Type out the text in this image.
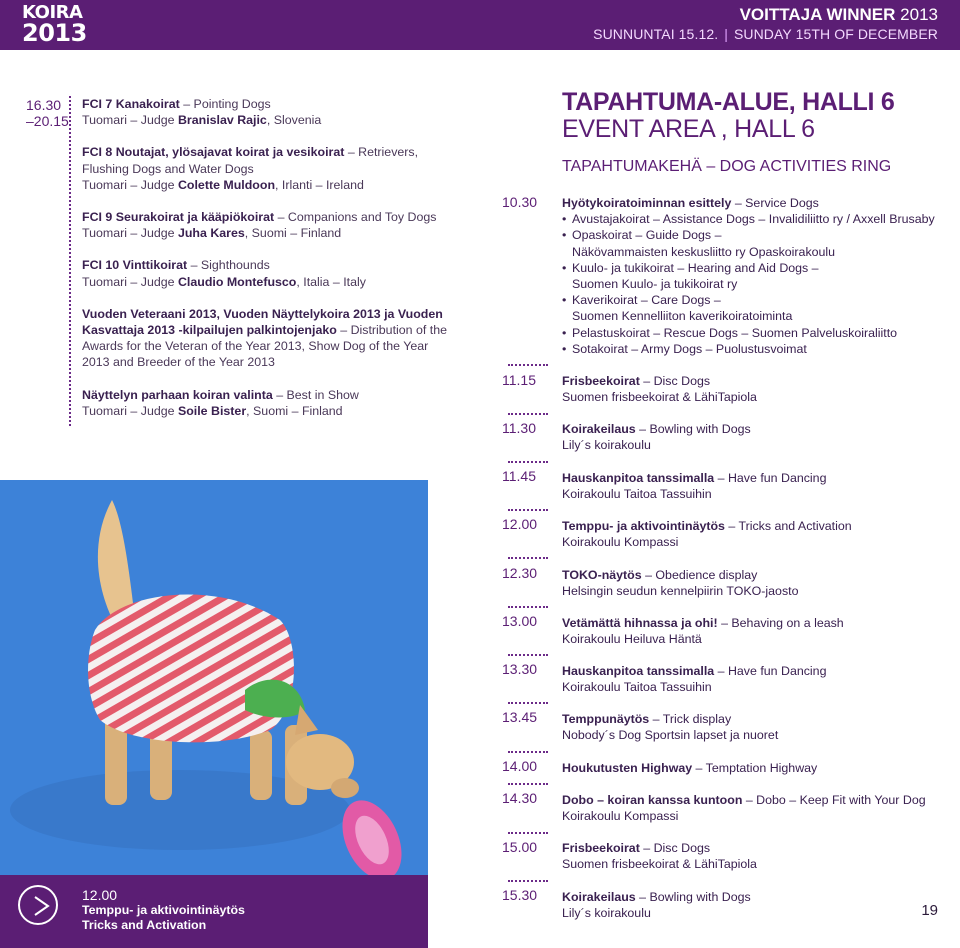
KOIRA
2013
VOITTAJA WINNER 2013
SUNNUNTAI 15.12. | SUNDAY 15TH OF DECEMBER
16.30
–20.15
FCI 7 Kanakoirat – Pointing Dogs
Tuomari – Judge Branislav Rajic, Slovenia
FCI 8 Noutajat, ylösajavat koirat ja vesikoirat – Retrievers, Flushing Dogs and Water Dogs
Tuomari – Judge Colette Muldoon, Irlanti – Ireland
FCI 9 Seurakoirat ja kääpiökoirat – Companions and Toy Dogs
Tuomari – Judge Juha Kares, Suomi – Finland
FCI 10 Vinttikoirat – Sighthounds
Tuomari – Judge Claudio Montefusco, Italia – Italy
Vuoden Veteraani 2013, Vuoden Näyttelykoira 2013 ja Vuoden Kasvattaja 2013 -kilpailujen palkintojenjako – Distribution of the Awards for the Veteran of the Year 2013, Show Dog of the Year 2013 and Breeder of the Year 2013
Näyttelyn parhaan koiran valinta – Best in Show
Tuomari – Judge Soile Bister, Suomi – Finland
12.00
Temppu- ja aktivointinäytös
Tricks and Activation
TAPAHTUMA-ALUE, HALLI 6
EVENT AREA , HALL 6
TAPAHTUMAKEHÄ – DOG ACTIVITIES RING
10.30 Hyötykoiratoiminnan esittely – Service Dogs
• Avustajakoirat – Assistance Dogs – Invalidiliitto ry / Axxell Brusaby
• Opaskoirat – Guide Dogs –
Näkövammaisten keskusliitto ry Opaskoirakoulu
• Kuulo- ja tukikoirat – Hearing and Aid Dogs –
Suomen Kuulo- ja tukikoirat ry
• Kaverikoirat – Care Dogs –
Suomen Kennelliiton kaverikoiratoiminta
• Pelastuskoirat – Rescue Dogs – Suomen Palveluskoiraliitto
• Sotakoirat – Army Dogs – Puolustusvoimat
11.15 Frisbeekoirat – Disc Dogs
Suomen frisbeekoirat & LähiTapiola
11.30 Koirakeilaus – Bowling with Dogs
Lily´s koirakoulu
11.45 Hauskanpitoa tanssimalla – Have fun Dancing
Koirakoulu Taitoa Tassuihin
12.00 Temppu- ja aktivointinäytös – Tricks and Activation
Koirakoulu Kompassi
12.30 TOKO-näytös – Obedience display
Helsingin seudun kennelpiirin TOKO-jaosto
13.00 Vetämättä hihnassa ja ohi! – Behaving on a leash
Koirakoulu Heiluva Häntä
13.30 Hauskanpitoa tanssimalla – Have fun Dancing
Koirakoulu Taitoa Tassuihin
13.45 Temppunäytös – Trick display
Nobody´s Dog Sportsin lapset ja nuoret
14.00 Houkutusten Highway – Temptation Highway
14.30 Dobo – koiran kanssa kuntoon – Dobo – Keep Fit with Your Dog
Koirakoulu Kompassi
15.00 Frisbeekoirat – Disc Dogs
Suomen frisbeekoirat & LähiTapiola
15.30 Koirakeilaus – Bowling with Dogs
Lily´s koirakoulu	19
